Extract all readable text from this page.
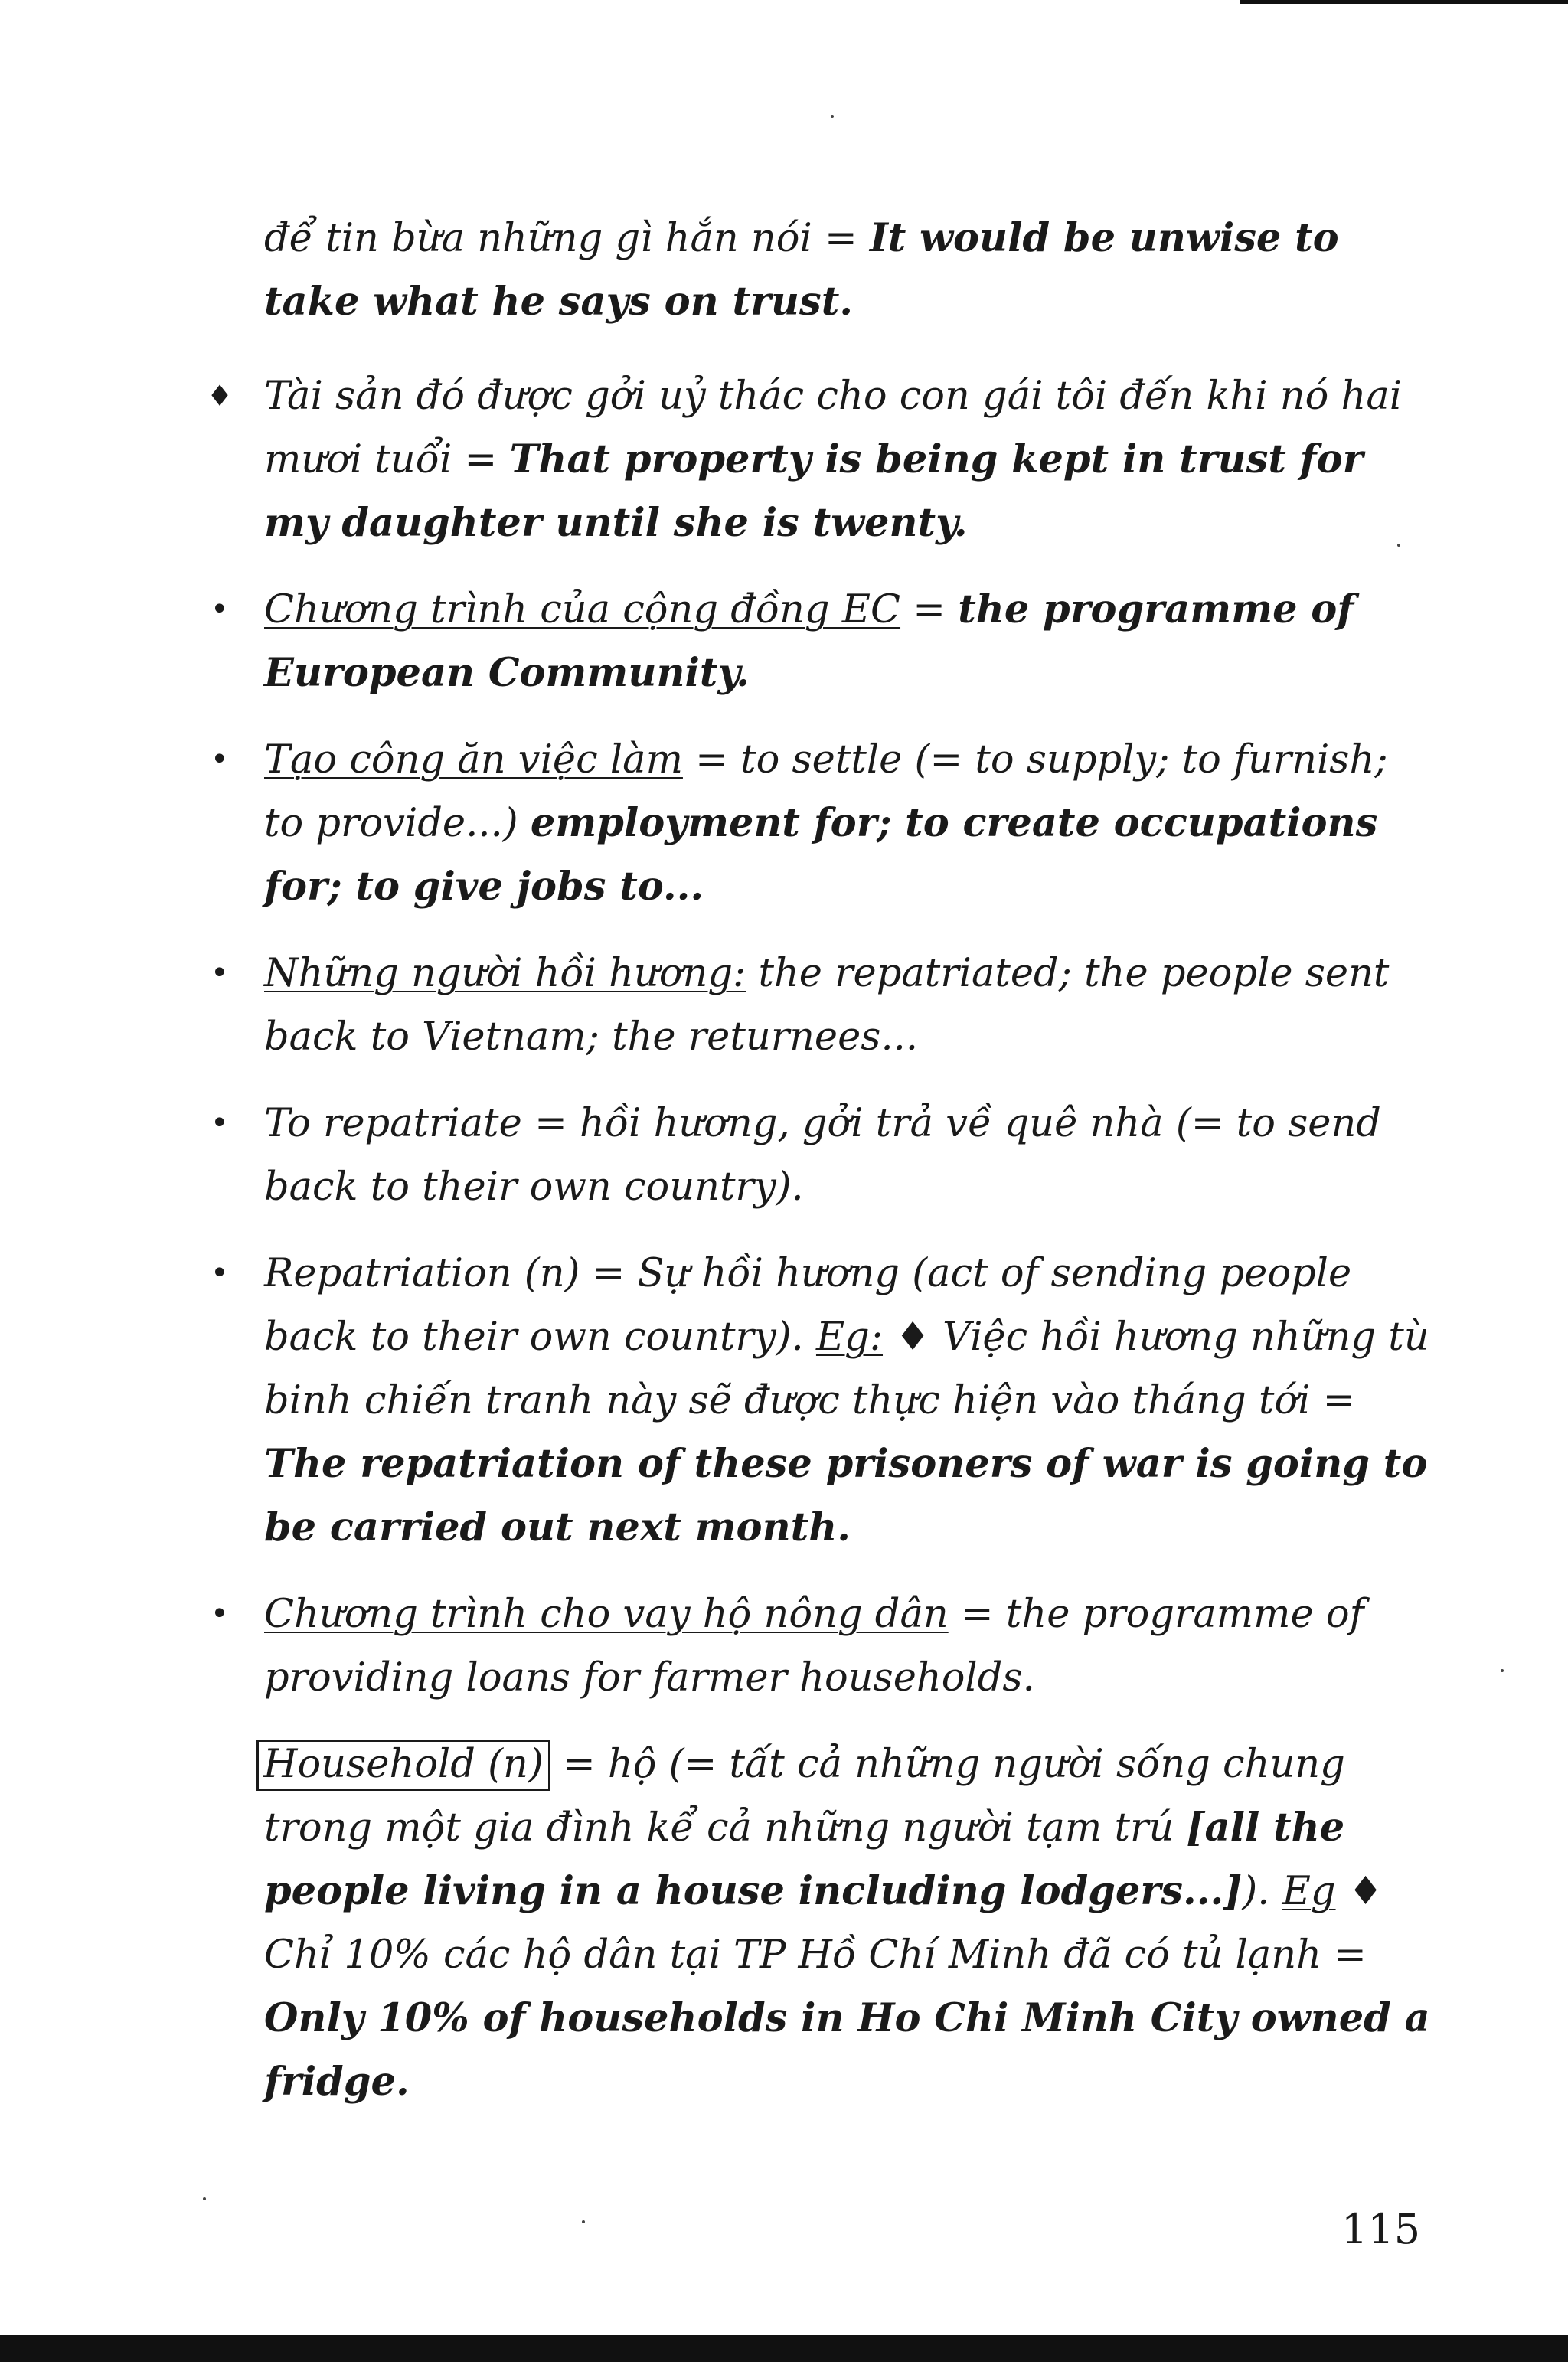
để tin bừa những gì hắn nói = It would be unwise to take what he says on trust.

♦ Tài sản đó được gởi uỷ thác cho con gái tôi đến khi nó hai mươi tuổi = That property is being kept in trust for my daughter until she is twenty.

• Chương trình của cộng đồng EC = the programme of European Community.

• Tạo công ăn việc làm = to settle (= to supply; to furnish; to provide...) employment for; to create occupations for; to give jobs to...

• Những người hồi hương: the repatriated; the people sent back to Vietnam; the returnees...

• To repatriate = hồi hương, gởi trả về quê nhà (= to send back to their own country).

• Repatriation (n) = Sự hồi hương (act of sending people back to their own country). Eg: ♦ Việc hồi hương những tù binh chiến tranh này sẽ được thực hiện vào tháng tới = The repatriation of these prisoners of war is going to be carried out next month.

• Chương trình cho vay hộ nông dân = the programme of providing loans for farmer households.

Household (n) = hộ (= tất cả những người sống chung trong một gia đình kể cả những người tạm trú [all the people living in a house including lodgers...]). Eg ♦ Chỉ 10% các hộ dân tại TP Hồ Chí Minh đã có tủ lạnh = Only 10% of households in Ho Chi Minh City owned a fridge.

115
